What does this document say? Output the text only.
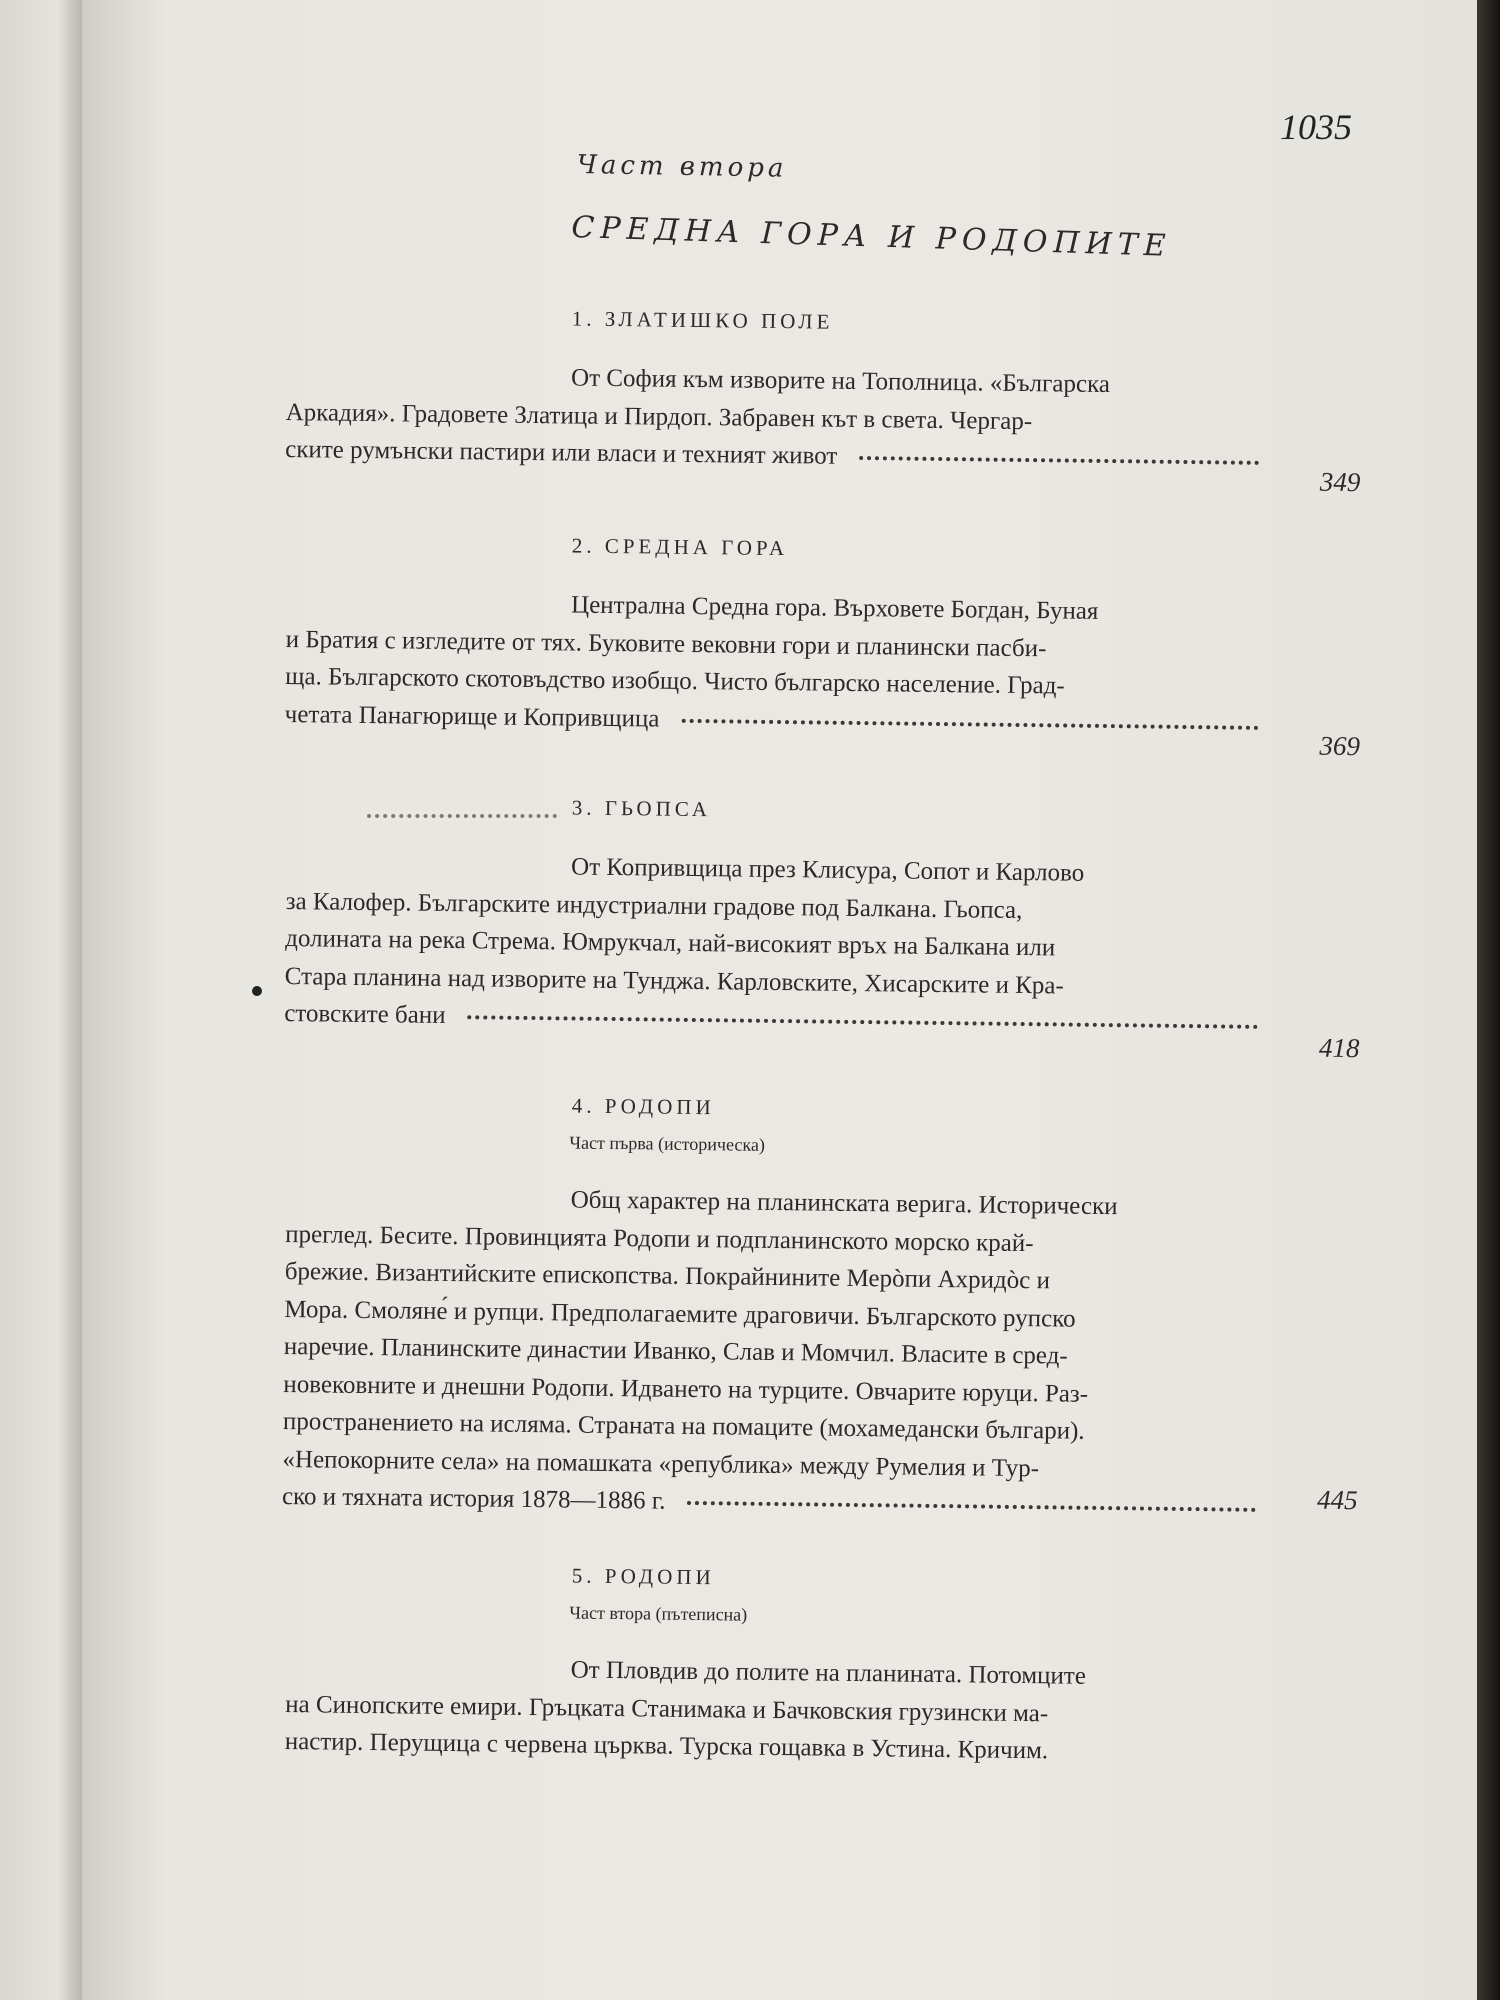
1035
Част втора
СРЕДНА ГОРА И РОДОПИТЕ
1. ЗЛАТИШКО ПОЛЕ
От София към изворите на Тополница. «Българска
Аркадия». Градовете Златица и Пирдоп. Забравен кът в света. Чергар-
ските румънски пастири или власи и техният живот
349
2. СРЕДНА ГОРА
Централна Средна гора. Върховете Богдан, Буная
и Братия с изгледите от тях. Буковите вековни гори и планински пасби-
ща. Българското скотовъдство изобщо. Чисто българско население. Град-
четата Панагюрище и Копривщица
369
3. ГЬОПСА
От Копривщица през Клисура, Сопот и Карлово
за Калофер. Българските индустриални градове под Балкана. Гьопса,
долината на река Стрема. Юмрукчал, най-високият връх на Балкана или
Стара планина над изворите на Тунджа. Карловските, Хисарските и Кра-
стовските бани
418
4. РОДОПИ
Част първа (историческа)
Общ характер на планинската верига. Исторически
преглед. Бесите. Провинцията Родопи и подпланинското морско край-
брежие. Византийските епископства. Покрайнините Мерòпи Ахридòс и
Мора. Смоляне́ и рупци. Предполагаемите драговичи. Българското рупско
наречие. Планинските династии Иванко, Слав и Момчил. Власите в сред-
новековните и днешни Родопи. Идването на турците. Овчарите юруци. Раз-
пространението на исляма. Страната на помаците (мохамедански българи).
«Непокорните села» на помашката «република» между Румелия и Тур-
ско и тяхната история 1878—1886 г.	445
5. РОДОПИ
Част втора (пътеписна)
От Пловдив до полите на планината. Потомците
на Синопските емири. Гръцката Станимака и Бачковския грузински ма-
настир. Перущица с червена църква. Турска гощавка в Устина. Кричим.
